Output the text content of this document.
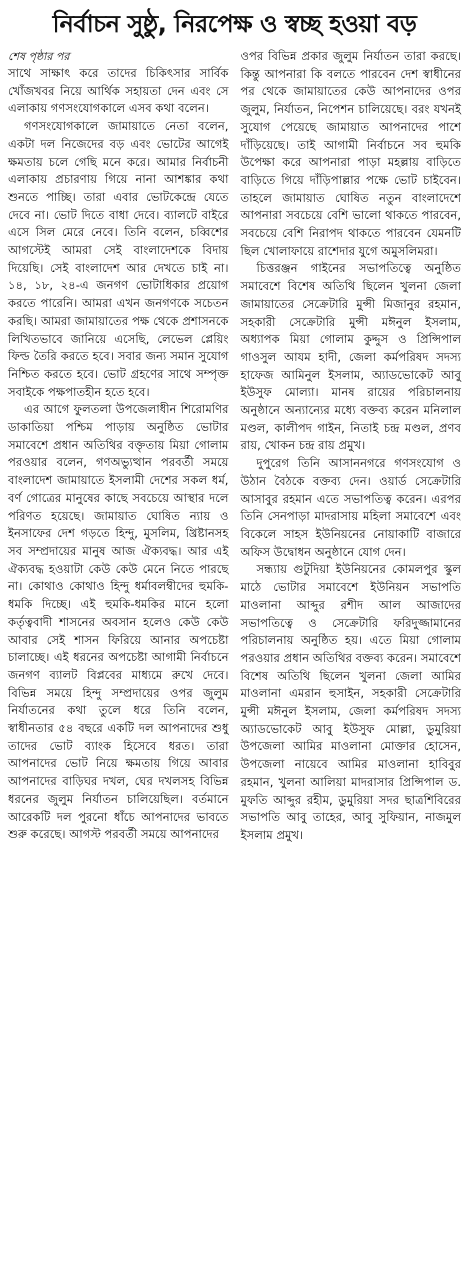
নির্বাচন সুষ্ঠু, নিরপেক্ষ ও স্বচ্ছ হওয়া বড়
শেষ পৃষ্ঠার পর

সাথে সাক্ষাৎ করে তাদের চিকিৎসার সার্বিক খোঁজখবর নিয়ে আর্থিক সহায়তা দেন এবং সে এলাকায় গণসংযোগকালে এসব কথা বলেন।

গণসংযোগকালে জামায়াতে নেতা বলেন, একটা দল নিজেদের বড় এবং ভোটের আগেই ক্ষমতায় চলে গেছি মনে করে। আমার নির্বাচনী এলাকায় প্রচারণায় গিয়ে নানা আশঙ্কার কথা শুনতে পাচ্ছি। তারা এবার ভোটকেন্দ্রে যেতে দেবে না। ভোট দিতে বাধা দেবে। ব্যালটে বাইরে এসে সিল মেরে নেবে। তিনি বলেন, চব্বিশের আগস্টেই আমরা সেই বাংলাদেশকে বিদায় দিয়েছি। সেই বাংলাদেশ আর দেখতে চাই না। ১৪, ১৮, ২৪-এ জনগণ ভোটাধিকার প্রয়োগ করতে পারেনি। আমরা এখন জনগণকে সচেতন করছি। আমরা জামায়াতের পক্ষ থেকে প্রশাসনকে লিখিতভাবে জানিয়ে এসেছি, লেভেল প্লেয়িং ফিল্ড তৈরি করতে হবে। সবার জন্য সমান সুযোগ নিশ্চিত করতে হবে। ভোট গ্রহণের সাথে সম্পৃক্ত সবাইকে পক্ষপাতহীন হতে হবে।

এর আগে ফুলতলা উপজেলাধীন শিরোমণির ডাকাতিয়া পশ্চিম পাড়ায় অনুষ্ঠিত ভোটার সমাবেশে প্রধান অতিথির বক্তৃতায় মিয়া গোলাম পরওয়ার বলেন, গণঅভ্যুত্থান পরবর্তী সময়ে বাংলাদেশ জামায়াতে ইসলামী দেশের সকল ধর্ম, বর্ণ গোত্রের মানুষের কাছে সবচেয়ে আস্থার দলে পরিণত হয়েছে। জামায়াত ঘোষিত ন্যায় ও ইনসাফের দেশ গড়তে হিন্দু, মুসলিম, খ্রিষ্টানসহ সব সম্প্রদায়ের মানুষ আজ ঐক্যবদ্ধ। আর এই ঐক্যবদ্ধ হওয়াটা কেউ কেউ মেনে নিতে পারছে না। কোথাও কোথাও হিন্দু ধর্মাবলম্বীদের হুমকি-ধমকি দিচ্ছে। এই হুমকি-ধমকির মানে হলো কর্তৃত্ববাদী শাসনের অবসান হলেও কেউ কেউ আবার সেই শাসন ফিরিয়ে আনার অপচেষ্টা চালাচ্ছে। এই ধরনের অপচেষ্টা আগামী নির্বাচনে জনগণ ব্যালট বিপ্লবের মাধ্যমে রুখে দেবে। বিভিন্ন সময়ে হিন্দু সম্প্রদায়ের ওপর জুলুম নির্যাতনের কথা তুলে ধরে তিনি বলেন, স্বাধীনতার ৫৪ বছরে একটি দল আপনাদের শুধু তাদের ভোট ব্যাংক হিসেবে ধরত। তারা আপনাদের ভোট নিয়ে ক্ষমতায় গিয়ে আবার আপনাদের বাড়িঘর দখল, ঘের দখলসহ বিভিন্ন ধরনের জুলুম নির্যাতন চালিয়েছিল। বর্তমানে আরেকটি দল পুরনো ধাঁচে আপনাদের ভাবতে শুরু করেছে। আগস্ট পরবর্তী সময়ে আপনাদের

ওপর বিভিন্ন প্রকার জুলুম নির্যাতন তারা করছে। কিন্তু আপনারা কি বলতে পারবেন দেশ স্বাধীনের পর থেকে জামায়াতের কেউ আপনাদের ওপর জুলুম, নির্যাতন, নিপেশন চালিয়েছে। বরং যখনই সুযোগ পেয়েছে জামায়াত আপনাদের পাশে দাঁড়িয়েছে। তাই আগামী নির্বাচনে সব হুমকি উপেক্ষা করে আপনারা পাড়া মহল্লায় বাড়িতে বাড়িতে গিয়ে দাঁড়িপাল্লার পক্ষে ভোট চাইবেন। তাহলে জামায়াত ঘোষিত নতুন বাংলাদেশে আপনারা সবচেয়ে বেশি ভালো থাকতে পারবেন, সবচেয়ে বেশি নিরাপদ থাকতে পারবেন যেমনটি ছিল খোলাফায়ে রাশেদার যুগে অমুসলিমরা।

চিত্তরঞ্জন গাইনের সভাপতিত্বে অনুষ্ঠিত সমাবেশে বিশেষ অতিথি ছিলেন খুলনা জেলা জামায়াতের সেক্রেটারি মুন্সী মিজানুর রহমান, সহকারী সেক্রেটারি মুন্সী মঈনুল ইসলাম, অধ্যাপক মিয়া গোলাম কুদ্দুস ও প্রিন্সিপাল গাওসুল আযম হাদী, জেলা কর্মপরিষদ সদস্য হাফেজ আমিনুল ইসলাম, অ্যাডভোকেট আবু ইউসুফ মোল্যা। মানষ রায়ের পরিচালনায় অনুষ্ঠানে অন্যান্যের মধ্যে বক্তব্য করেন মনিলাল মণ্ডল, কালীপদ গাইন, নিতাই চন্দ্র মণ্ডল, প্রণব রায়, খোকন চন্দ্র রায় প্রমুখ।

দুপুরেগ তিনি আসাননগরে গণসংযোগ ও উঠান বৈঠকে বক্তব্য দেন। ওয়ার্ড সেক্রেটারি আসাবুর রহমান এতে সভাপতিত্ব করেন। এরপর তিনি সেনপাড়া মাদরাসায় মহিলা সমাবেশে এবং বিকেলে সাহস ইউনিয়নের নোয়াকাটি বাজারে অফিস উদ্বোধন অনুষ্ঠানে যোগ দেন।

সন্ধ্যায় গুটুদিয়া ইউনিয়নের কোমলপুর স্কুল মাঠে ভোটার সমাবেশে ইউনিয়ন সভাপতি মাওলানা আব্দুর রশীদ আল আজাদের সভাপতিত্বে ও সেক্রেটারি ফরিদুজ্জামানের পরিচালনায় অনুষ্ঠিত হয়। এতে মিয়া গোলাম পরওয়ার প্রধান অতিথির বক্তব্য করেন। সমাবেশে বিশেষ অতিথি ছিলেন খুলনা জেলা আমির মাওলানা এমরান হুসাইন, সহকারী সেক্রেটারি মুন্সী মঈনুল ইসলাম, জেলা কর্মপরিষদ সদস্য অ্যাডভোকেট আবু ইউসুফ মোল্লা, ডুমুরিয়া উপজেলা আমির মাওলানা মোক্তার হোসেন, উপজেলা নায়েবে আমির মাওলানা হাবিবুর রহমান, খুলনা আলিয়া মাদরাসার প্রিন্সিপাল ড. মুফতি আব্দুর রহীম, ডুমুরিয়া সদর ছাত্রশিবিরের সভাপতি আবু তাহের, আবু সুফিয়ান, নাজমুল ইসলাম প্রমুখ।
